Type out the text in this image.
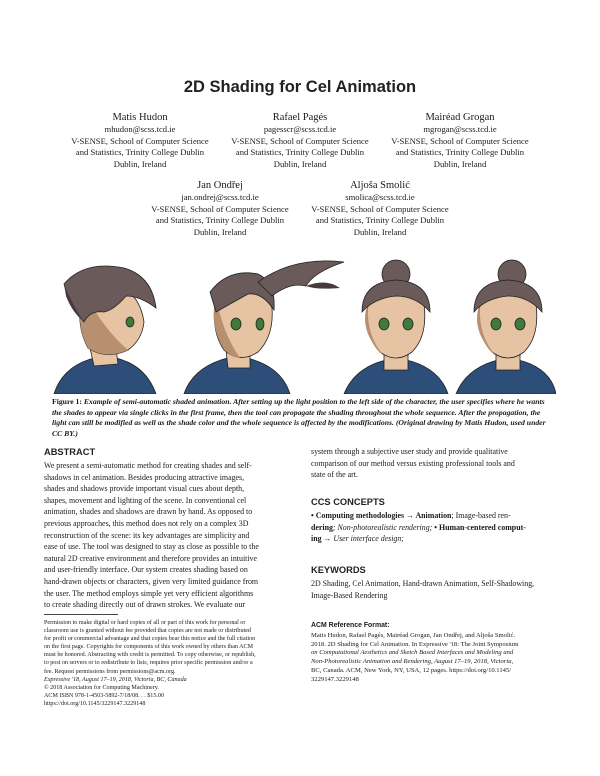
2D Shading for Cel Animation
Matis Hudon
mhudon@scss.tcd.ie
V-SENSE, School of Computer Science
and Statistics, Trinity College Dublin
Dublin, Ireland
Rafael Pagés
pagesscr@scss.tcd.ie
V-SENSE, School of Computer Science
and Statistics, Trinity College Dublin
Dublin, Ireland
Mairéad Grogan
mgrogan@scss.tcd.ie
V-SENSE, School of Computer Science
and Statistics, Trinity College Dublin
Dublin, Ireland
Jan Ondřej
jan.ondrej@scss.tcd.ie
V-SENSE, School of Computer Science
and Statistics, Trinity College Dublin
Dublin, Ireland
Aljoša Smolić
smolica@scss.tcd.ie
V-SENSE, School of Computer Science
and Statistics, Trinity College Dublin
Dublin, Ireland
Figure 1: Example of semi-automatic shaded animation. After setting up the light position to the left side of the character, the user specifies where he wants the shades to appear via single clicks in the first frame, then the tool can propagate the shading throughout the whole sequence. After the propagation, the light can still be modified as well as the shade color and the whole sequence is affected by the modifications. (Original drawing by Matis Hudon, used under CC BY.)
ABSTRACT
We present a semi-automatic method for creating shades and self-
shadows in cel animation. Besides producing attractive images,
shades and shadows provide important visual cues about depth,
shapes, movement and lighting of the scene. In conventional cel
animation, shades and shadows are drawn by hand. As opposed to
previous approaches, this method does not rely on a complex 3D
reconstruction of the scene: its key advantages are simplicity and
ease of use. The tool was designed to stay as close as possible to the
natural 2D creative environment and therefore provides an intuitive
and user-friendly interface. Our system creates shading based on
hand-drawn objects or characters, given very limited guidance from
the user. The method employs simple yet very efficient algorithms
to create shading directly out of drawn strokes. We evaluate our
Permission to make digital or hard copies of all or part of this work for personal or
classroom use is granted without fee provided that copies are not made or distributed
for profit or commercial advantage and that copies bear this notice and the full citation
on the first page. Copyrights for components of this work owned by others than ACM
must be honored. Abstracting with credit is permitted. To copy otherwise, or republish,
to post on servers or to redistribute to lists, requires prior specific permission and/or a
fee. Request permissions from permissions@acm.org.
Expressive '18, August 17–19, 2018, Victoria, BC, Canada
© 2018 Association for Computing Machinery.
ACM ISBN 978-1-4503-5892-7/18/08. . . $15.00
https://doi.org/10.1145/3229147.3229148
system through a subjective user study and provide qualitative
comparison of our method versus existing professional tools and
state of the art.
CCS CONCEPTS
• Computing methodologies → Animation; Image-based ren-
dering; Non-photorealistic rendering; • Human-centered comput-
ing → User interface design;
KEYWORDS
2D Shading, Cel Animation, Hand-drawn Animation, Self-Shadowing,
Image-Based Rendering
ACM Reference Format:
Matis Hudon, Rafael Pagés, Mairéad Grogan, Jan Ondřej, and Aljoša Smolić.
2018. 2D Shading for Cel Animation. In Expressive '18: The Joint Symposium
on Computational Aesthetics and Sketch Based Interfaces and Modeling and
Non-Photorealistic Animation and Rendering, August 17–19, 2018, Victoria,
BC, Canada. ACM, New York, NY, USA, 12 pages. https://doi.org/10.1145/
3229147.3229148
